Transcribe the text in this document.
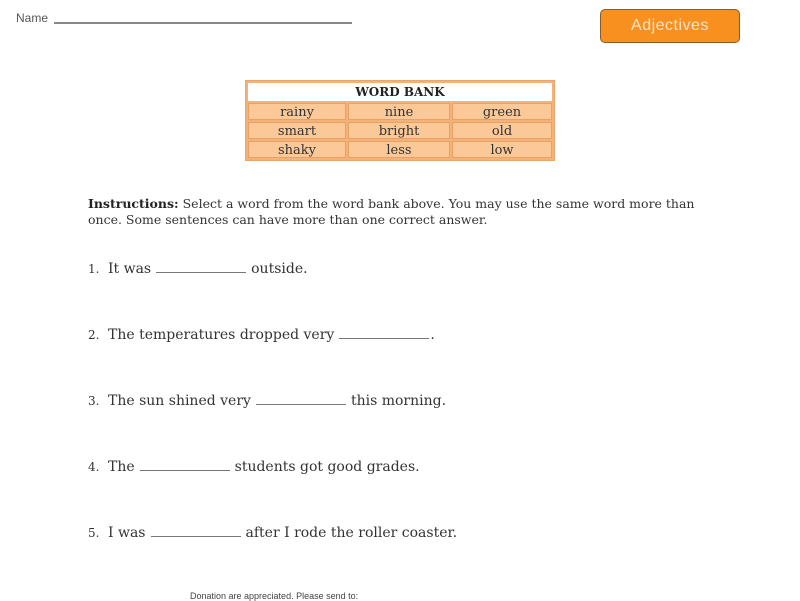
Name	Adjectives
WORD BANK
rainy	nine	green
smart	bright	old
shaky	less	low
Instructions: Select a word from the word bank above. You may use the same word more than once. Some sentences can have more than one correct answer.
1. It was	outside.
2. The temperatures dropped very	.
3. The sun shined very	this morning.
4. The	students got good grades.
5. I was	after I rode the roller coaster.
Donation are appreciated. Please send to:
